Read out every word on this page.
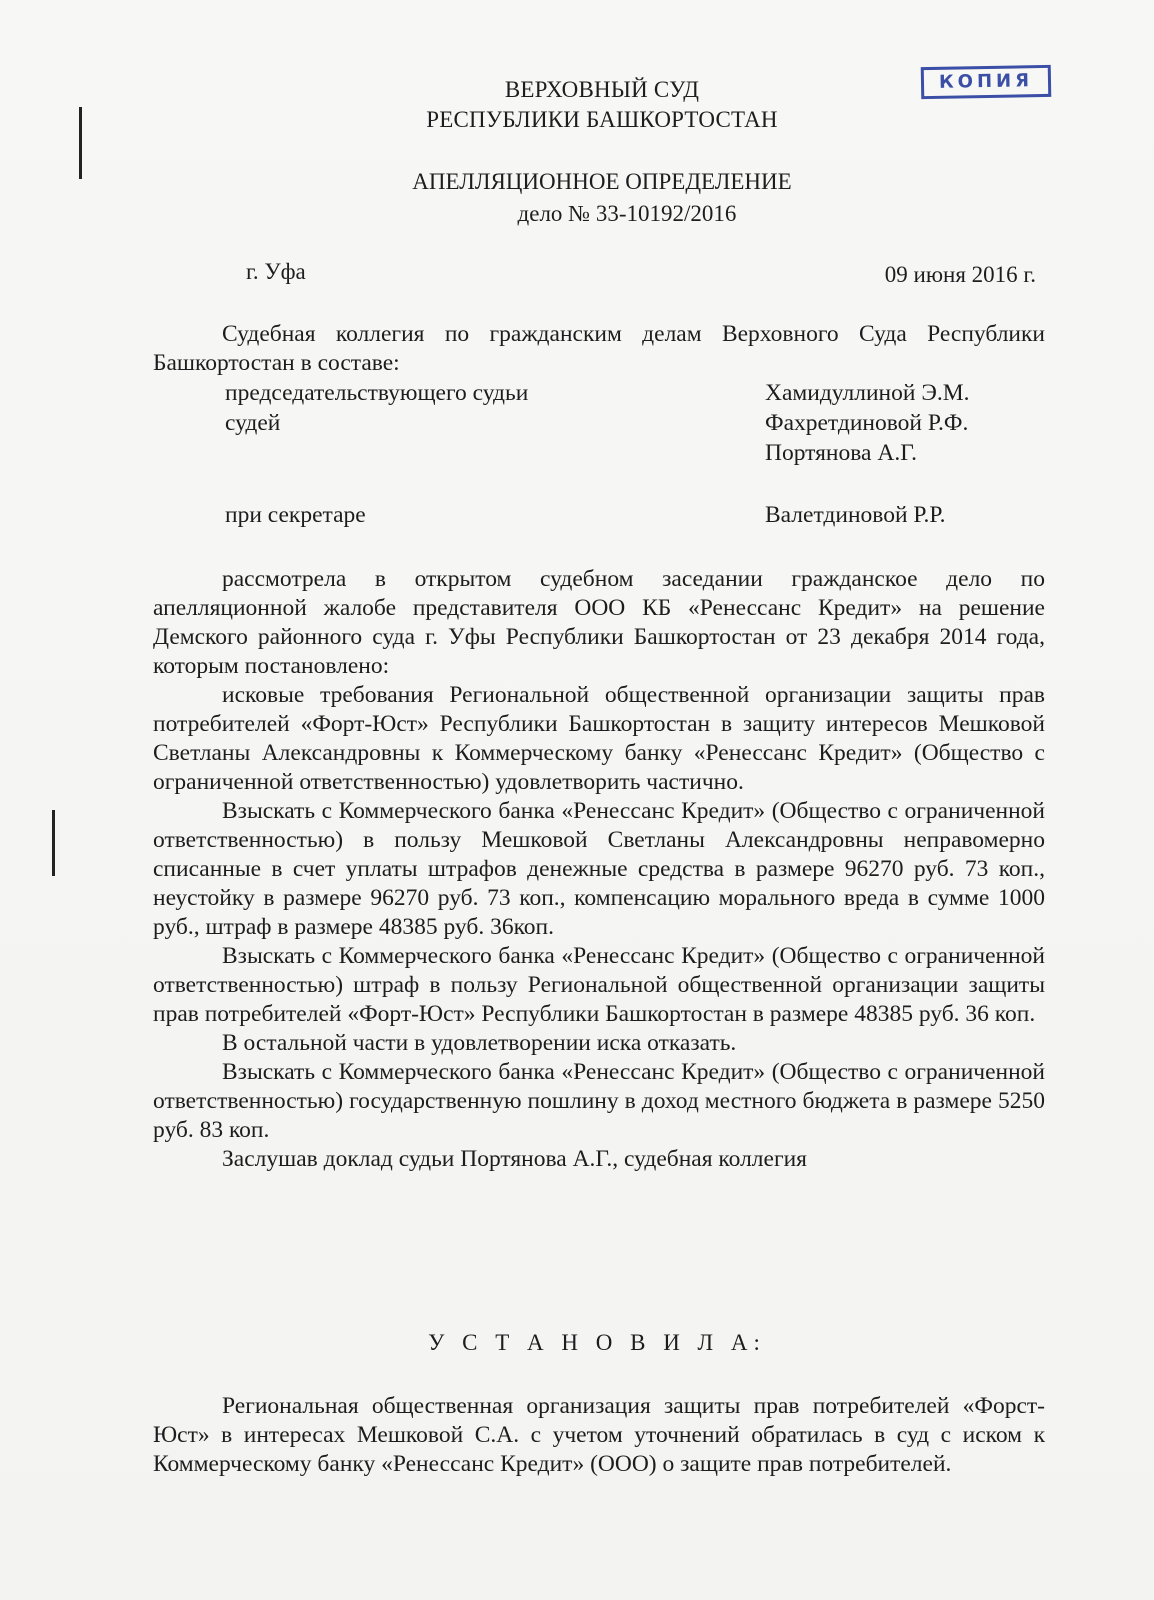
ВЕРХОВНЫЙ СУД
РЕСПУБЛИКИ БАШКОРТОСТАН
КОПИЯ
АПЕЛЛЯЦИОННОЕ ОПРЕДЕЛЕНИЕ
дело № 33-10192/2016
г. Уфа	09 июня 2016 г.

Судебная коллегия по гражданским делам Верховного Суда Республики Башкортостан в составе:

председательствующего судьи	Хамидуллиной Э.М.
судей	Фахретдиновой Р.Ф.
Портянова А.Г.
при секретаре	Валетдиновой Р.Р.

рассмотрела в открытом судебном заседании гражданское дело по апелляционной жалобе представителя ООО КБ «Ренессанс Кредит» на решение Демского районного суда г. Уфы Республики Башкортостан от 23 декабря 2014 года, которым постановлено:

исковые требования Региональной общественной организации защиты прав потребителей «Форт-Юст» Республики Башкортостан в защиту интересов Мешковой Светланы Александровны к Коммерческому банку «Ренессанс Кредит» (Общество с ограниченной ответственностью) удовлетворить частично.

Взыскать с Коммерческого банка «Ренессанс Кредит» (Общество с ограниченной ответственностью) в пользу Мешковой Светланы Александровны неправомерно списанные в счет уплаты штрафов денежные средства в размере 96270 руб. 73 коп., неустойку в размере 96270 руб. 73 коп., компенсацию морального вреда в сумме 1000 руб., штраф в размере 48385 руб. 36коп.

Взыскать с Коммерческого банка «Ренессанс Кредит» (Общество с ограниченной ответственностью) штраф в пользу Региональной общественной организации защиты прав потребителей «Форт-Юст» Республики Башкортостан в размере 48385 руб. 36 коп.

В остальной части в удовлетворении иска отказать.

Взыскать с Коммерческого банка «Ренессанс Кредит» (Общество с ограниченной ответственностью) государственную пошлину в доход местного бюджета в размере 5250 руб. 83 коп.

Заслушав доклад судьи Портянова А.Г., судебная коллегия

У С Т А Н О В И Л А:

Региональная общественная организация защиты прав потребителей «Форст-Юст» в интересах Мешковой С.А. с учетом уточнений обратилась в суд с иском к Коммерческому банку «Ренессанс Кредит» (ООО) о защите прав потребителей.
